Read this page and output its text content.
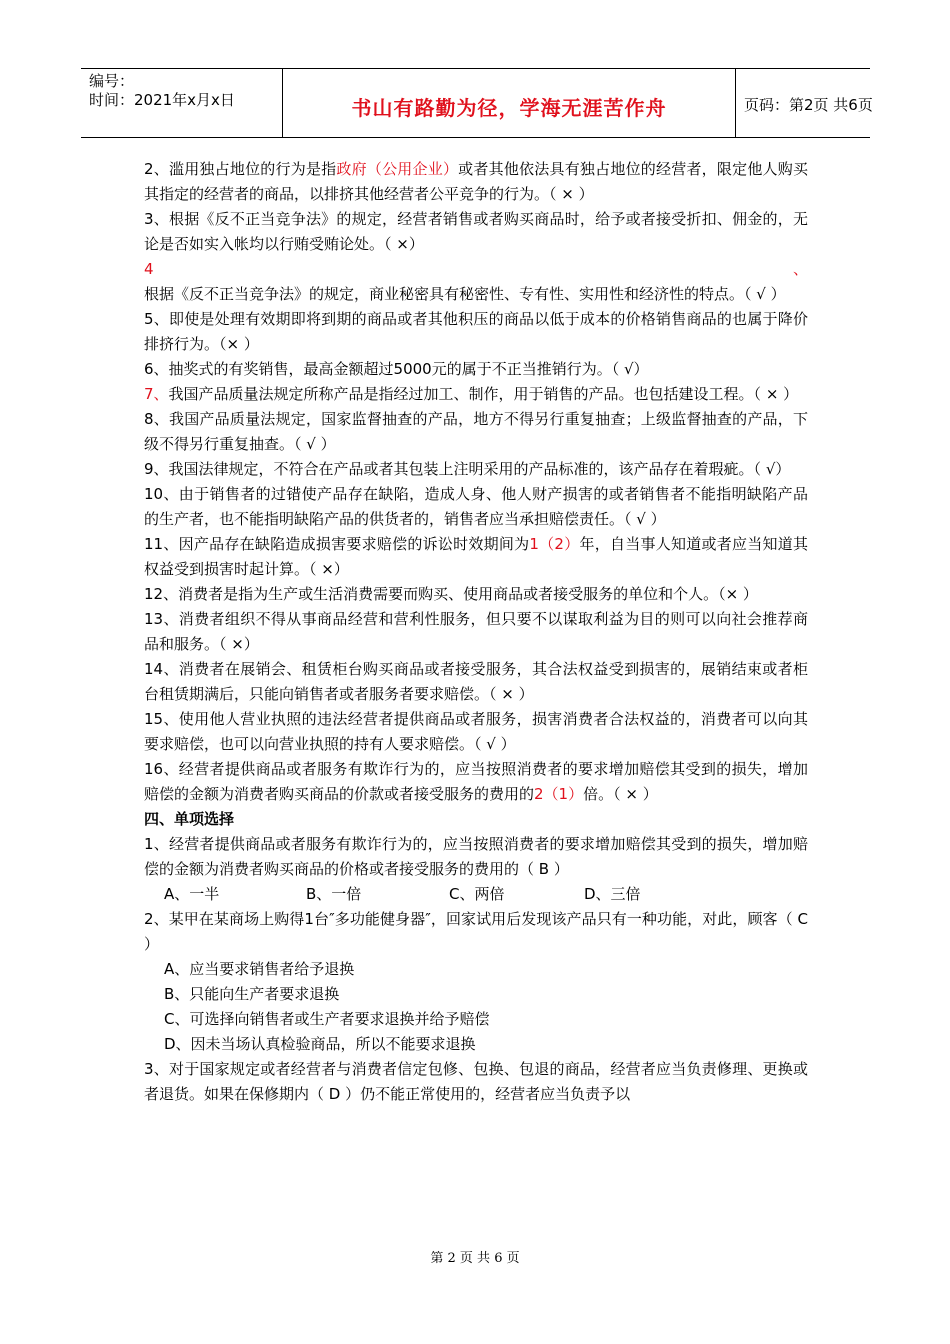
编号：
时间：2021年x月x日	书山有路勤为径，学海无涯苦作舟	页码：第2页 共6页

2、滥用独占地位的行为是指政府（公用企业）或者其他依法具有独占地位的经营者，限定他人购买其指定的经营者的商品，以排挤其他经营者公平竞争的行为。（ × ）

3、根据《反不正当竞争法》的规定，经营者销售或者购买商品时，给予或者接受折扣、佣金的，无论是否如实入帐均以行贿受贿论处。（ ×）

4、根据《反不正当竞争法》的规定，商业秘密具有秘密性、专有性、实用性和经济性的特点。（ √ ）

5、即使是处理有效期即将到期的商品或者其他积压的商品以低于成本的价格销售商品的也属于降价排挤行为。（× ）

6、抽奖式的有奖销售，最高金额超过5000元的属于不正当推销行为。（ √）

7、我国产品质量法规定所称产品是指经过加工、制作，用于销售的产品。也包括建设工程。（ × ）

8、我国产品质量法规定，国家监督抽查的产品，地方不得另行重复抽查；上级监督抽查的产品，下级不得另行重复抽查。（ √ ）

9、我国法律规定，不符合在产品或者其包装上注明采用的产品标准的，该产品存在着瑕疵。（ √）

10、由于销售者的过错使产品存在缺陷，造成人身、他人财产损害的或者销售者不能指明缺陷产品的生产者，也不能指明缺陷产品的供货者的，销售者应当承担赔偿责任。（ √ ）

11、因产品存在缺陷造成损害要求赔偿的诉讼时效期间为1（2）年，自当事人知道或者应当知道其权益受到损害时起计算。（ ×）

12、消费者是指为生产或生活消费需要而购买、使用商品或者接受服务的单位和个人。（× ）

13、消费者组织不得从事商品经营和营利性服务，但只要不以谋取利益为目的则可以向社会推荐商品和服务。（ ×）

14、消费者在展销会、租赁柜台购买商品或者接受服务，其合法权益受到损害的，展销结束或者柜台租赁期满后，只能向销售者或者服务者要求赔偿。（ × ）

15、使用他人营业执照的违法经营者提供商品或者服务，损害消费者合法权益的，消费者可以向其要求赔偿，也可以向营业执照的持有人要求赔偿。（ √ ）

16、经营者提供商品或者服务有欺诈行为的，应当按照消费者的要求增加赔偿其受到的损失，增加赔偿的金额为消费者购买商品的价款或者接受服务的费用的2（1）倍。（ × ）

四、单项选择

1、经营者提供商品或者服务有欺诈行为的，应当按照消费者的要求增加赔偿其受到的损失，增加赔偿的金额为消费者购买商品的价格或者接受服务的费用的（ B ）

A、一半	B、一倍	C、两倍	D、三倍

2、某甲在某商场上购得1台″多功能健身器″，回家试用后发现该产品只有一种功能，对此，顾客（ C ）

A、应当要求销售者给予退换
B、只能向生产者要求退换
C、可选择向销售者或生产者要求退换并给予赔偿
D、因未当场认真检验商品，所以不能要求退换

3、对于国家规定或者经营者与消费者信定包修、包换、包退的商品，经营者应当负责修理、更换或者退货。如果在保修期内（ D ）仍不能正常使用的，经营者应当负责予以

第 2 页 共 6 页
